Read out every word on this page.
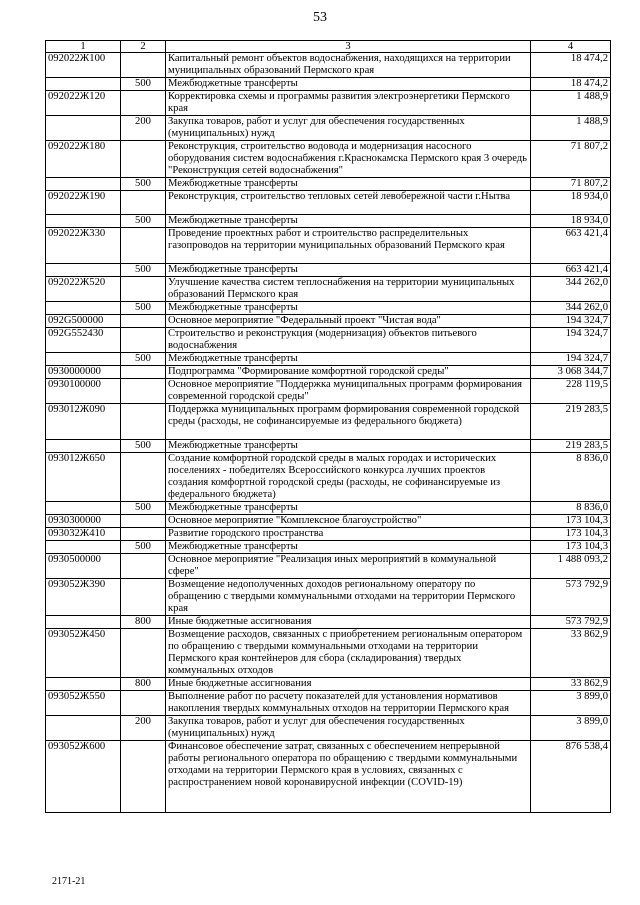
53
1	2	3	4
092022Ж100		Капитальный ремонт объектов водоснабжения, находящихся на территории муниципальных образований Пермского края	18 474,2
	500	Межбюджетные трансферты	18 474,2
092022Ж120		Корректировка схемы и программы развития электроэнергетики Пермского края	1 488,9
	200	Закупка товаров, работ и услуг для обеспечения государственных (муниципальных) нужд	1 488,9
092022Ж180		Реконструкция, строительство водовода и модернизация насосного оборудования систем водоснабжения г.Краснокамска Пермского края 3 очередь "Реконструкция сетей водоснабжения"	71 807,2
	500	Межбюджетные трансферты	71 807,2
092022Ж190		Реконструкция, строительство тепловых сетей левобережной части г.Нытва	18 934,0
	500	Межбюджетные трансферты	18 934,0
092022Ж330		Проведение проектных работ и строительство распределительных газопроводов на территории муниципальных образований Пермского края	663 421,4
	500	Межбюджетные трансферты	663 421,4
092022Ж520		Улучшение качества систем теплоснабжения на территории муниципальных образований Пермского края	344 262,0
	500	Межбюджетные трансферты	344 262,0
092G500000		Основное мероприятие "Федеральный проект "Чистая вода"	194 324,7
092G552430		Строительство и реконструкция (модернизация) объектов питьевого водоснабжения	194 324,7
	500	Межбюджетные трансферты	194 324,7
0930000000		Подпрограмма "Формирование комфортной городской среды"	3 068 344,7
0930100000		Основное мероприятие "Поддержка муниципальных программ формирования современной городской среды"	228 119,5
093012Ж090		Поддержка муниципальных программ формирования современной городской среды (расходы, не софинансируемые из федерального бюджета)	219 283,5
	500	Межбюджетные трансферты	219 283,5
093012Ж650		Создание комфортной городской среды в малых городах и исторических поселениях - победителях Всероссийского конкурса лучших проектов создания комфортной городской среды (расходы, не софинансируемые из федерального бюджета)	8 836,0
	500	Межбюджетные трансферты	8 836,0
0930300000		Основное мероприятие "Комплексное благоустройство"	173 104,3
093032Ж410		Развитие городского пространства	173 104,3
	500	Межбюджетные трансферты	173 104,3
0930500000		Основное мероприятие "Реализация иных мероприятий в коммунальной сфере"	1 488 093,2
093052Ж390		Возмещение недополученных доходов региональному оператору по обращению с твердыми коммунальными отходами на территории Пермского края	573 792,9
	800	Иные бюджетные ассигнования	573 792,9
093052Ж450		Возмещение расходов, связанных с приобретением региональным оператором по обращению с твердыми коммунальными отходами на территории Пермского края контейнеров для сбора (складирования) твердых коммунальных отходов	33 862,9
	800	Иные бюджетные ассигнования	33 862,9
093052Ж550		Выполнение работ по расчету показателей для установления нормативов накопления твердых коммунальных отходов на территории Пермского края	3 899,0
	200	Закупка товаров, работ и услуг для обеспечения государственных (муниципальных) нужд	3 899,0
093052Ж600		Финансовое обеспечение затрат, связанных с обеспечением непрерывной работы регионального оператора по обращению с твердыми коммунальными отходами на территории Пермского края в условиях, связанных с распространением новой коронавирусной инфекции (COVID-19)	876 538,4
2171-21
